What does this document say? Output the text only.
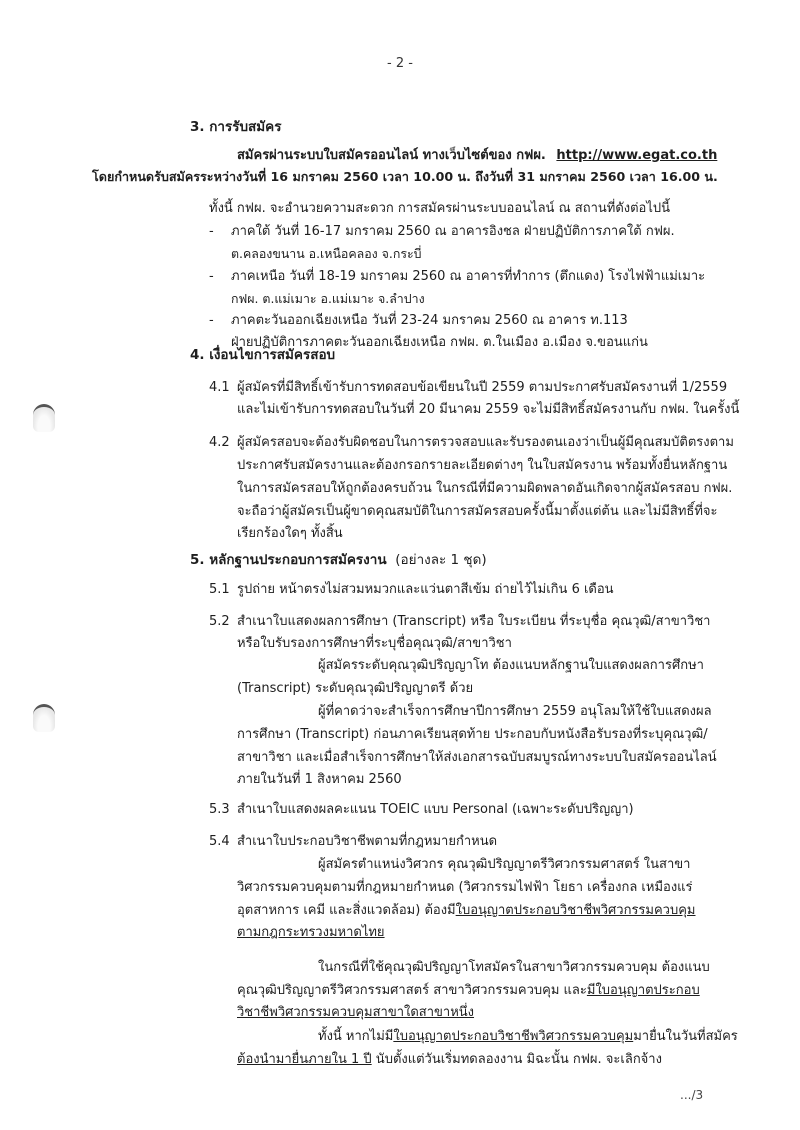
- 2 -
3. การรับสมัคร
สมัครผ่านระบบใบสมัครออนไลน์ ทางเว็บไซต์ของ กฟผ. http://www.egat.co.th
โดยกำหนดรับสมัครระหว่างวันที่ 16 มกราคม 2560 เวลา 10.00 น. ถึงวันที่ 31 มกราคม 2560 เวลา 16.00 น.
ทั้งนี้ กฟผ. จะอำนวยความสะดวก การสมัครผ่านระบบออนไลน์ ณ สถานที่ดังต่อไปนี้
- ภาคใต้ วันที่ 16-17 มกราคม 2560 ณ อาคารอิงชล ฝ่ายปฏิบัติการภาคใต้ กฟผ.
ต.คลองขนาน อ.เหนือคลอง จ.กระบี่
- ภาคเหนือ วันที่ 18-19 มกราคม 2560 ณ อาคารที่ทำการ (ตึกแดง) โรงไฟฟ้าแม่เมาะ
กฟผ. ต.แม่เมาะ อ.แม่เมาะ จ.ลำปาง
- ภาคตะวันออกเฉียงเหนือ วันที่ 23-24 มกราคม 2560 ณ อาคาร ท.113
ฝ่ายปฏิบัติการภาคตะวันออกเฉียงเหนือ กฟผ. ต.ในเมือง อ.เมือง จ.ขอนแก่น
4. เงื่อนไขการสมัครสอบ
4.1 ผู้สมัครที่มีสิทธิ์เข้ารับการทดสอบข้อเขียนในปี 2559 ตามประกาศรับสมัครงานที่ 1/2559
และไม่เข้ารับการทดสอบในวันที่ 20 มีนาคม 2559 จะไม่มีสิทธิ์สมัครงานกับ กฟผ. ในครั้งนี้
4.2 ผู้สมัครสอบจะต้องรับผิดชอบในการตรวจสอบและรับรองตนเองว่าเป็นผู้มีคุณสมบัติตรงตาม
ประกาศรับสมัครงานและต้องกรอกรายละเอียดต่างๆ ในใบสมัครงาน พร้อมทั้งยื่นหลักฐาน
ในการสมัครสอบให้ถูกต้องครบถ้วน ในกรณีที่มีความผิดพลาดอันเกิดจากผู้สมัครสอบ กฟผ.
จะถือว่าผู้สมัครเป็นผู้ขาดคุณสมบัติในการสมัครสอบครั้งนี้มาตั้งแต่ต้น และไม่มีสิทธิ์ที่จะ
เรียกร้องใดๆ ทั้งสิ้น
5. หลักฐานประกอบการสมัครงาน (อย่างละ 1 ชุด)
5.1 รูปถ่าย หน้าตรงไม่สวมหมวกและแว่นตาสีเข้ม ถ่ายไว้ไม่เกิน 6 เดือน
5.2 สำเนาใบแสดงผลการศึกษา (Transcript) หรือ ใบระเบียน ที่ระบุชื่อ คุณวุฒิ/สาขาวิชา
หรือใบรับรองการศึกษาที่ระบุชื่อคุณวุฒิ/สาขาวิชา
ผู้สมัครระดับคุณวุฒิปริญญาโท ต้องแนบหลักฐานใบแสดงผลการศึกษา
(Transcript) ระดับคุณวุฒิปริญญาตรี ด้วย
ผู้ที่คาดว่าจะสำเร็จการศึกษาปีการศึกษา 2559 อนุโลมให้ใช้ใบแสดงผล
การศึกษา (Transcript) ก่อนภาคเรียนสุดท้าย ประกอบกับหนังสือรับรองที่ระบุคุณวุฒิ/
สาขาวิชา และเมื่อสำเร็จการศึกษาให้ส่งเอกสารฉบับสมบูรณ์ทางระบบใบสมัครออนไลน์
ภายในวันที่ 1 สิงหาคม 2560
5.3 สำเนาใบแสดงผลคะแนน TOEIC แบบ Personal (เฉพาะระดับปริญญา)
5.4 สำเนาใบประกอบวิชาชีพตามที่กฎหมายกำหนด
ผู้สมัครตำแหน่งวิศวกร คุณวุฒิปริญญาตรีวิศวกรรมศาสตร์ ในสาขา
วิศวกรรมควบคุมตามที่กฎหมายกำหนด (วิศวกรรมไฟฟ้า โยธา เครื่องกล เหมืองแร่
อุตสาหการ เคมี และสิ่งแวดล้อม) ต้องมีใบอนุญาตประกอบวิชาชีพวิศวกรรมควบคุม
ตามกฎกระทรวงมหาดไทย
ในกรณีที่ใช้คุณวุฒิปริญญาโทสมัครในสาขาวิศวกรรมควบคุม ต้องแนบ
คุณวุฒิปริญญาตรีวิศวกรรมศาสตร์ สาขาวิศวกรรมควบคุม และมีใบอนุญาตประกอบ
วิชาชีพวิศวกรรมควบคุมสาขาใดสาขาหนึ่ง
ทั้งนี้ หากไม่มีใบอนุญาตประกอบวิชาชีพวิศวกรรมควบคุมมายื่นในวันที่สมัคร
ต้องนำมายื่นภายใน 1 ปี นับตั้งแต่วันเริ่มทดลองงาน มิฉะนั้น กฟผ. จะเลิกจ้าง
.../3
